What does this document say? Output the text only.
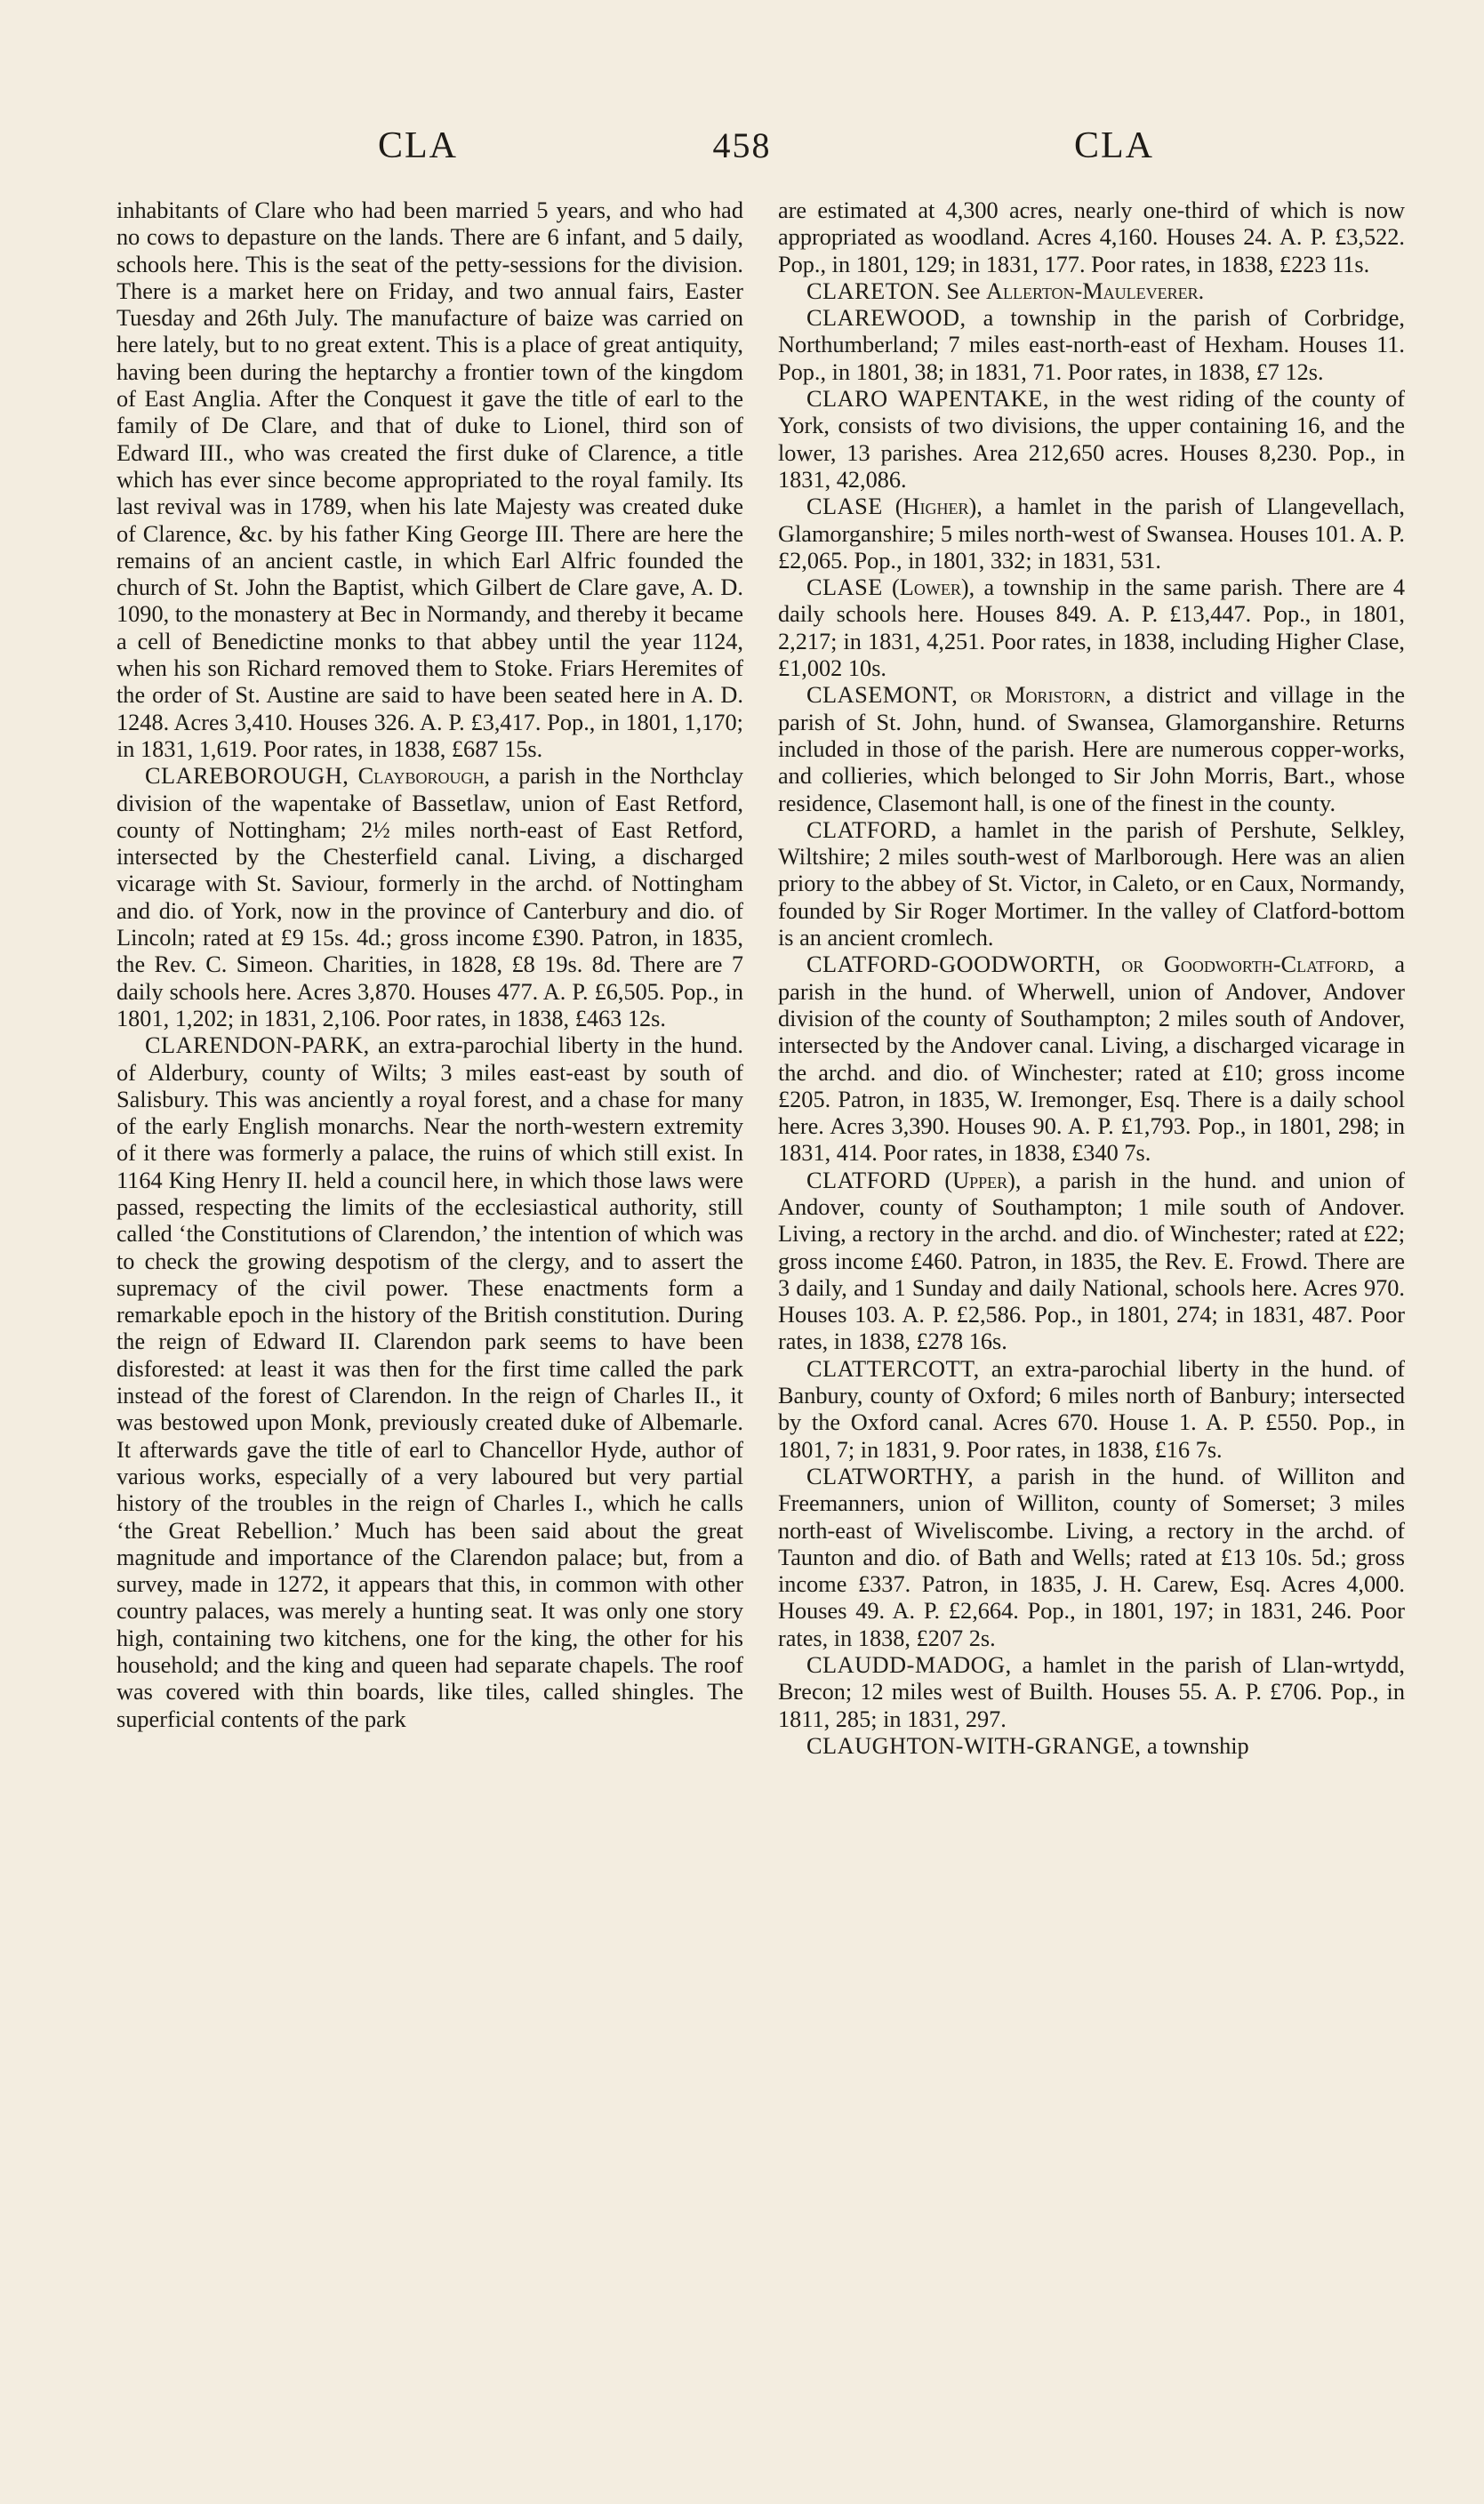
CLA	458	CLA

inhabitants of Clare who had been married 5 years, and who had no cows to depasture on the lands. There are 6 infant, and 5 daily, schools here. This is the seat of the petty-sessions for the division. There is a market here on Friday, and two annual fairs, Easter Tuesday and 26th July. The manufacture of baize was carried on here lately, but to no great extent. This is a place of great antiquity, having been during the heptarchy a frontier town of the kingdom of East Anglia. After the Conquest it gave the title of earl to the family of De Clare, and that of duke to Lionel, third son of Edward III., who was created the first duke of Clarence, a title which has ever since become appropriated to the royal family. Its last revival was in 1789, when his late Majesty was created duke of Clarence, &c. by his father King George III. There are here the remains of an ancient castle, in which Earl Alfric founded the church of St. John the Baptist, which Gilbert de Clare gave, A. D. 1090, to the monastery at Bec in Normandy, and thereby it became a cell of Benedictine monks to that abbey until the year 1124, when his son Richard removed them to Stoke. Friars Heremites of the order of St. Austine are said to have been seated here in A. D. 1248. Acres 3,410. Houses 326. A. P. £3,417. Pop., in 1801, 1,170; in 1831, 1,619. Poor rates, in 1838, £687 15s.

CLAREBOROUGH, Clayborough, a parish in the Northclay division of the wapentake of Bassetlaw, union of East Retford, county of Nottingham; 2½ miles north-east of East Retford, intersected by the Chesterfield canal. Living, a discharged vicarage with St. Saviour, formerly in the archd. of Nottingham and dio. of York, now in the province of Canterbury and dio. of Lincoln; rated at £9 15s. 4d.; gross income £390. Patron, in 1835, the Rev. C. Simeon. Charities, in 1828, £8 19s. 8d. There are 7 daily schools here. Acres 3,870. Houses 477. A. P. £6,505. Pop., in 1801, 1,202; in 1831, 2,106. Poor rates, in 1838, £463 12s.

CLARENDON-PARK, an extra-parochial liberty in the hund. of Alderbury, county of Wilts; 3 miles east-east by south of Salisbury. This was anciently a royal forest, and a chase for many of the early English monarchs. Near the north-western extremity of it there was formerly a palace, the ruins of which still exist. In 1164 King Henry II. held a council here, in which those laws were passed, respecting the limits of the ecclesiastical authority, still called ‘the Constitutions of Clarendon,’ the intention of which was to check the growing despotism of the clergy, and to assert the supremacy of the civil power. These enactments form a remarkable epoch in the history of the British constitution. During the reign of Edward II. Clarendon park seems to have been disforested: at least it was then for the first time called the park instead of the forest of Clarendon. In the reign of Charles II., it was bestowed upon Monk, previously created duke of Albemarle. It afterwards gave the title of earl to Chancellor Hyde, author of various works, especially of a very laboured but very partial history of the troubles in the reign of Charles I., which he calls ‘the Great Rebellion.’ Much has been said about the great magnitude and importance of the Clarendon palace; but, from a survey, made in 1272, it appears that this, in common with other country palaces, was merely a hunting seat. It was only one story high, containing two kitchens, one for the king, the other for his household; and the king and queen had separate chapels. The roof was covered with thin boards, like tiles, called shingles. The superficial contents of the park

are estimated at 4,300 acres, nearly one-third of which is now appropriated as woodland. Acres 4,160. Houses 24. A. P. £3,522. Pop., in 1801, 129; in 1831, 177. Poor rates, in 1838, £223 11s.

CLARETON. See Allerton-Mauleverer.

CLAREWOOD, a township in the parish of Corbridge, Northumberland; 7 miles east-north-east of Hexham. Houses 11. Pop., in 1801, 38; in 1831, 71. Poor rates, in 1838, £7 12s.

CLARO WAPENTAKE, in the west riding of the county of York, consists of two divisions, the upper containing 16, and the lower, 13 parishes. Area 212,650 acres. Houses 8,230. Pop., in 1831, 42,086.

CLASE (Higher), a hamlet in the parish of Llangevellach, Glamorganshire; 5 miles north-west of Swansea. Houses 101. A. P. £2,065. Pop., in 1801, 332; in 1831, 531.

CLASE (Lower), a township in the same parish. There are 4 daily schools here. Houses 849. A. P. £13,447. Pop., in 1801, 2,217; in 1831, 4,251. Poor rates, in 1838, including Higher Clase, £1,002 10s.

CLASEMONT, or Moristorn, a district and village in the parish of St. John, hund. of Swansea, Glamorganshire. Returns included in those of the parish. Here are numerous copper-works, and collieries, which belonged to Sir John Morris, Bart., whose residence, Clasemont hall, is one of the finest in the county.

CLATFORD, a hamlet in the parish of Pershute, Selkley, Wiltshire; 2 miles south-west of Marlborough. Here was an alien priory to the abbey of St. Victor, in Caleto, or en Caux, Normandy, founded by Sir Roger Mortimer. In the valley of Clatford-bottom is an ancient cromlech.

CLATFORD-GOODWORTH, or Goodworth-Clatford, a parish in the hund. of Wherwell, union of Andover, Andover division of the county of Southampton; 2 miles south of Andover, intersected by the Andover canal. Living, a discharged vicarage in the archd. and dio. of Winchester; rated at £10; gross income £205. Patron, in 1835, W. Iremonger, Esq. There is a daily school here. Acres 3,390. Houses 90. A. P. £1,793. Pop., in 1801, 298; in 1831, 414. Poor rates, in 1838, £340 7s.

CLATFORD (Upper), a parish in the hund. and union of Andover, county of Southampton; 1 mile south of Andover. Living, a rectory in the archd. and dio. of Winchester; rated at £22; gross income £460. Patron, in 1835, the Rev. E. Frowd. There are 3 daily, and 1 Sunday and daily National, schools here. Acres 970. Houses 103. A. P. £2,586. Pop., in 1801, 274; in 1831, 487. Poor rates, in 1838, £278 16s.

CLATTERCOTT, an extra-parochial liberty in the hund. of Banbury, county of Oxford; 6 miles north of Banbury; intersected by the Oxford canal. Acres 670. House 1. A. P. £550. Pop., in 1801, 7; in 1831, 9. Poor rates, in 1838, £16 7s.

CLATWORTHY, a parish in the hund. of Williton and Freemanners, union of Williton, county of Somerset; 3 miles north-east of Wiveliscombe. Living, a rectory in the archd. of Taunton and dio. of Bath and Wells; rated at £13 10s. 5d.; gross income £337. Patron, in 1835, J. H. Carew, Esq. Acres 4,000. Houses 49. A. P. £2,664. Pop., in 1801, 197; in 1831, 246. Poor rates, in 1838, £207 2s.

CLAUDD-MADOG, a hamlet in the parish of Llan-wrtydd, Brecon; 12 miles west of Builth. Houses 55. A. P. £706. Pop., in 1811, 285; in 1831, 297.

CLAUGHTON-WITH-GRANGE, a township
